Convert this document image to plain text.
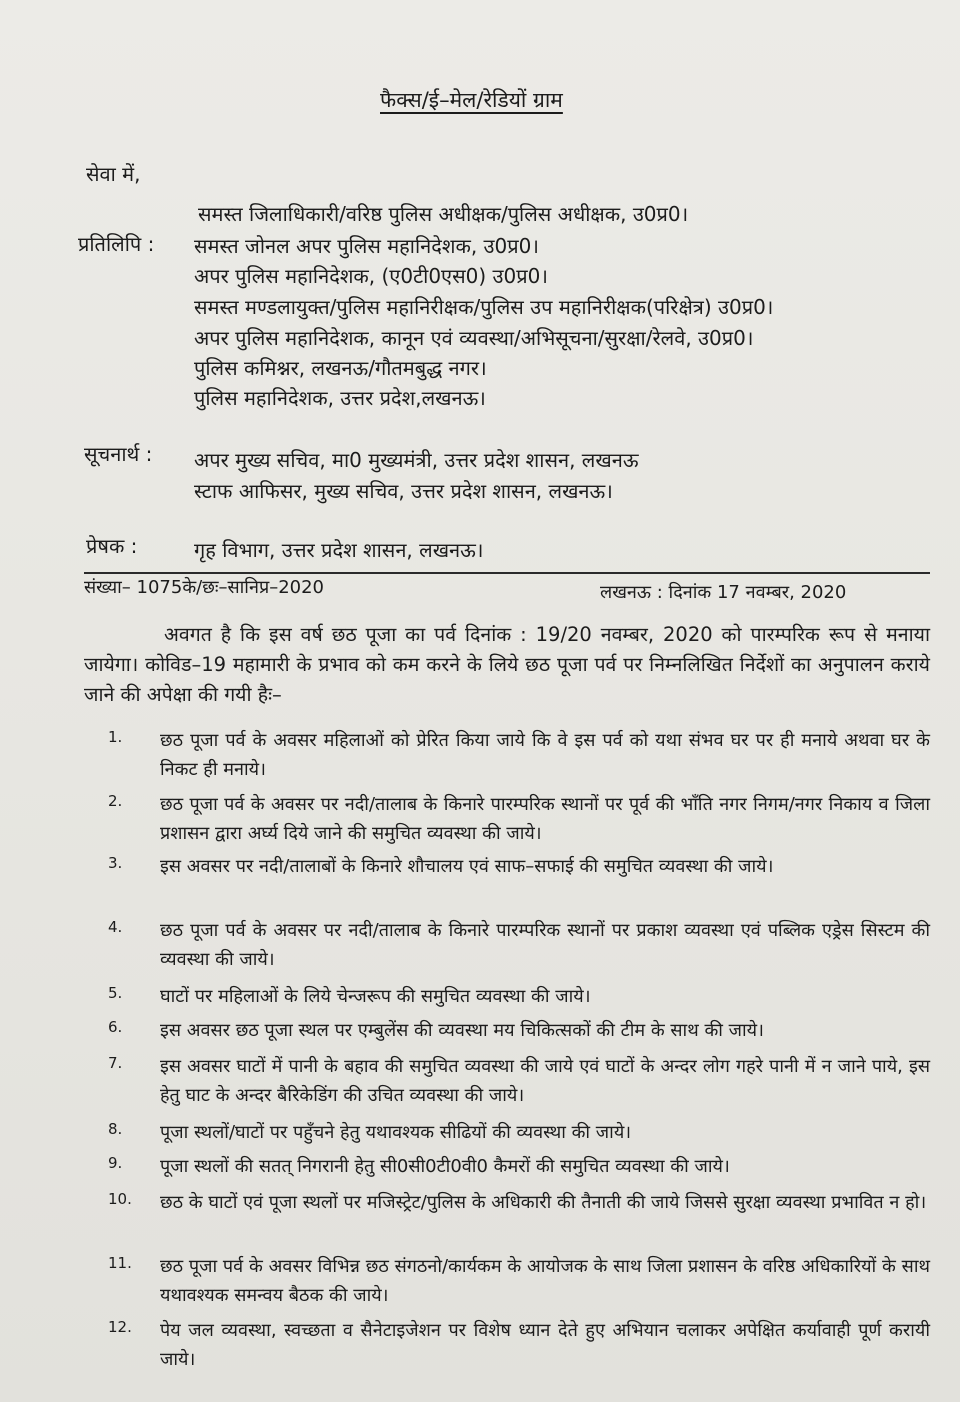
फैक्स/ई–मेल/रेडियों ग्राम
सेवा में,
समस्त जिलाधिकारी/वरिष्ठ पुलिस अधीक्षक/पुलिस अधीक्षक, उ0प्र0।
प्रतिलिपि : समस्त जोनल अपर पुलिस महानिदेशक, उ0प्र0।
अपर पुलिस महानिदेशक, (ए0टी0एस0) उ0प्र0।
समस्त मण्डलायुक्त/पुलिस महानिरीक्षक/पुलिस उप महानिरीक्षक(परिक्षेत्र) उ0प्र0।
अपर पुलिस महानिदेशक, कानून एवं व्यवस्था/अभिसूचना/सुरक्षा/रेलवे, उ0प्र0।
पुलिस कमिश्नर, लखनऊ/गौतमबुद्ध नगर।
पुलिस महानिदेशक, उत्तर प्रदेश,लखनऊ।
सूचनार्थ : अपर मुख्य सचिव, मा0 मुख्यमंत्री, उत्तर प्रदेश शासन, लखनऊ
स्टाफ आफिसर, मुख्य सचिव, उत्तर प्रदेश शासन, लखनऊ।
प्रेषक :	गृह विभाग, उत्तर प्रदेश शासन, लखनऊ।
संख्या– 1075के/छः–सानिप्र–2020	लखनऊ : दिनांक 17 नवम्बर, 2020
अवगत है कि इस वर्ष छठ पूजा का पर्व दिनांक : 19/20 नवम्बर, 2020 को पारम्परिक रूप से मनाया जायेगा। कोविड–19 महामारी के प्रभाव को कम करने के लिये छठ पूजा पर्व पर निम्नलिखित निर्देशों का अनुपालन कराये जाने की अपेक्षा की गयी हैः–
1.	छठ पूजा पर्व के अवसर महिलाओं को प्रेरित किया जाये कि वे इस पर्व को यथा संभव घर पर ही मनाये अथवा घर के निकट ही मनाये।
2.	छठ पूजा पर्व के अवसर पर नदी/तालाब के किनारे पारम्परिक स्थानों पर पूर्व की भाँति नगर निगम/नगर निकाय व जिला प्रशासन द्वारा अर्घ्य दिये जाने की समुचित व्यवस्था की जाये।
3.	इस अवसर पर नदी/तालाबों के किनारे शौचालय एवं साफ–सफाई की समुचित व्यवस्था की जाये।
4.	छठ पूजा पर्व के अवसर पर नदी/तालाब के किनारे पारम्परिक स्थानों पर प्रकाश व्यवस्था एवं पब्लिक एड्रेस सिस्टम की व्यवस्था की जाये।
5.	घाटों पर महिलाओं के लिये चेन्जरूप की समुचित व्यवस्था की जाये।
6.	इस अवसर छठ पूजा स्थल पर एम्बुलेंस की व्यवस्था मय चिकित्सकों की टीम के साथ की जाये।
7.	इस अवसर घाटों में पानी के बहाव की समुचित व्यवस्था की जाये एवं घाटों के अन्दर लोग गहरे पानी में न जाने पाये, इस हेतु घाट के अन्दर बैरिकेडिंग की उचित व्यवस्था की जाये।
8.	पूजा स्थलों/घाटों पर पहुँचने हेतु यथावश्यक सीढियों की व्यवस्था की जाये।
9.	पूजा स्थलों की सतत् निगरानी हेतु सी0सी0टी0वी0 कैमरों की समुचित व्यवस्था की जाये।
10.	छठ के घाटों एवं पूजा स्थलों पर मजिस्ट्रेट/पुलिस के अधिकारी की तैनाती की जाये जिससे सुरक्षा व्यवस्था प्रभावित न हो।
11.	छठ पूजा पर्व के अवसर विभिन्न छठ संगठनो/कार्यकम के आयोजक के साथ जिला प्रशासन के वरिष्ठ अधिकारियों के साथ यथावश्यक समन्वय बैठक की जाये।
12.	पेय जल व्यवस्था, स्वच्छता व सैनेटाइजेशन पर विशेष ध्यान देते हुए अभियान चलाकर अपेक्षित कर्यावाही पूर्ण करायी जाये।
